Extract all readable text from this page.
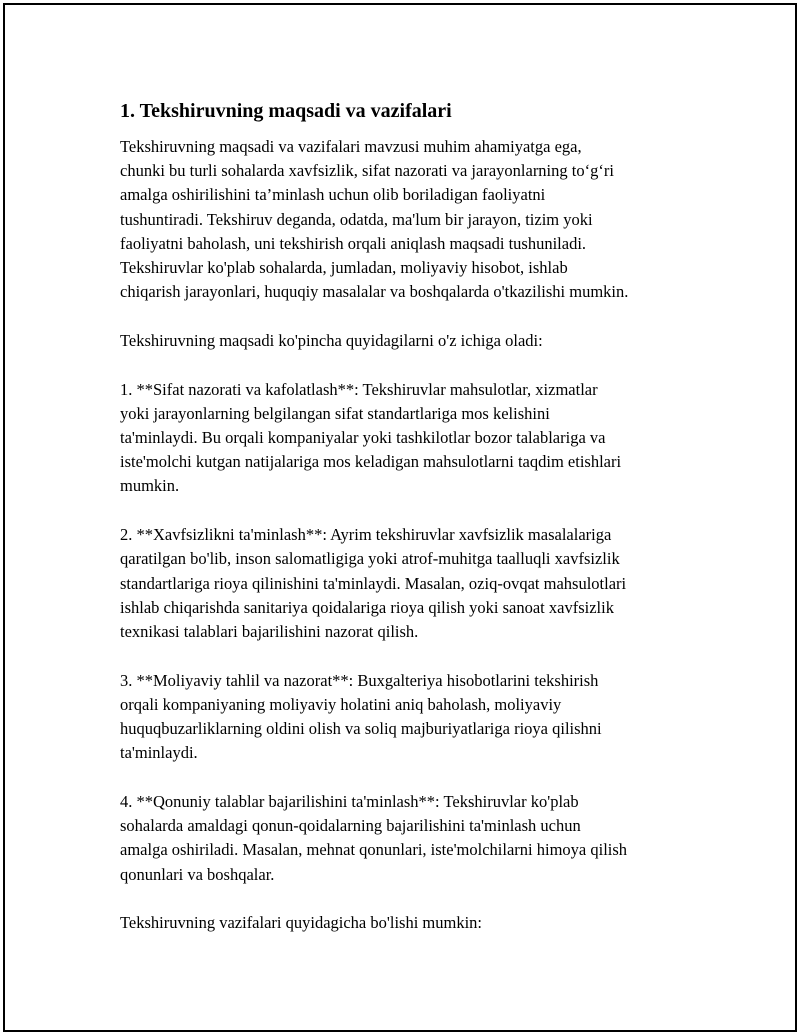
1. Tekshiruvning maqsadi va vazifalari
Tekshiruvning maqsadi va vazifalari mavzusi muhim ahamiyatga ega,
chunki bu turli sohalarda xavfsizlik, sifat nazorati va jarayonlarning to‘g‘ri
amalga oshirilishini ta’minlash uchun olib boriladigan faoliyatni
tushuntiradi. Tekshiruv deganda, odatda, ma'lum bir jarayon, tizim yoki
faoliyatni baholash, uni tekshirish orqali aniqlash maqsadi tushuniladi.
Tekshiruvlar ko'plab sohalarda, jumladan, moliyaviy hisobot, ishlab
chiqarish jarayonlari, huquqiy masalalar va boshqalarda o'tkazilishi mumkin.
Tekshiruvning maqsadi ko'pincha quyidagilarni o'z ichiga oladi:
1. **Sifat nazorati va kafolatlash**: Tekshiruvlar mahsulotlar, xizmatlar
yoki jarayonlarning belgilangan sifat standartlariga mos kelishini
ta'minlaydi. Bu orqali kompaniyalar yoki tashkilotlar bozor talablariga va
iste'molchi kutgan natijalariga mos keladigan mahsulotlarni taqdim etishlari
mumkin.
2. **Xavfsizlikni ta'minlash**: Ayrim tekshiruvlar xavfsizlik masalalariga
qaratilgan bo'lib, inson salomatligiga yoki atrof-muhitga taalluqli xavfsizlik
standartlariga rioya qilinishini ta'minlaydi. Masalan, oziq-ovqat mahsulotlari
ishlab chiqarishda sanitariya qoidalariga rioya qilish yoki sanoat xavfsizlik
texnikasi talablari bajarilishini nazorat qilish.
3. **Moliyaviy tahlil va nazorat**: Buxgalteriya hisobotlarini tekshirish
orqali kompaniyaning moliyaviy holatini aniq baholash, moliyaviy
huquqbuzarliklarning oldini olish va soliq majburiyatlariga rioya qilishni
ta'minlaydi.
4. **Qonuniy talablar bajarilishini ta'minlash**: Tekshiruvlar ko'plab
sohalarda amaldagi qonun-qoidalarning bajarilishini ta'minlash uchun
amalga oshiriladi. Masalan, mehnat qonunlari, iste'molchilarni himoya qilish
qonunlari va boshqalar.
Tekshiruvning vazifalari quyidagicha bo'lishi mumkin:
